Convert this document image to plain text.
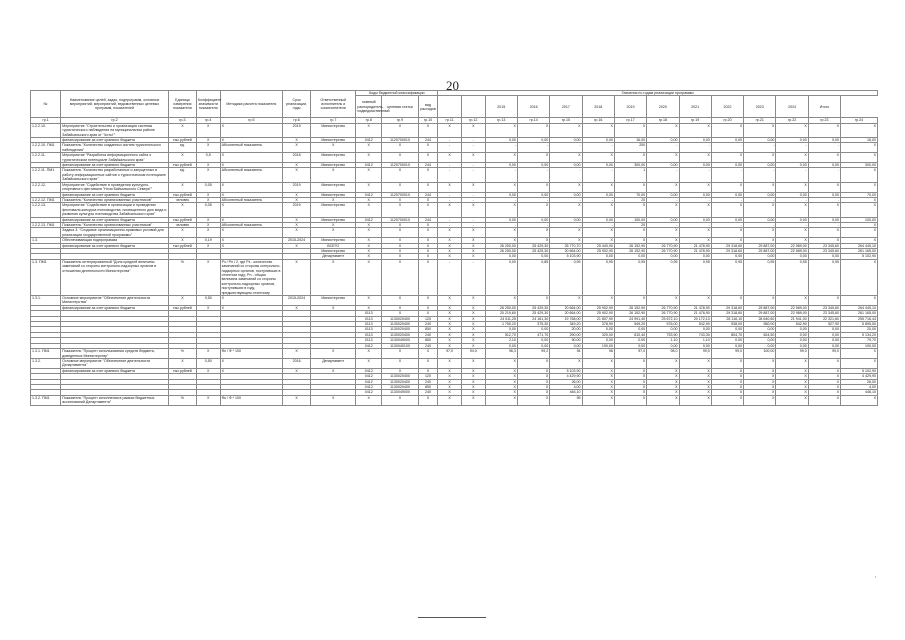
20
№	Наименование целей, задач, подпрограмм, основных мероприятий, мероприятий, ведомственных целевых программ, показателей	Единица измерения показателя	Коэффициент значимости показателя	Методика расчета показателя	Срок реализации, годы	Ответственный исполнитель и соисполнители	Коды бюджетной классификации			Значения по годам реализации программы													
							главный распорядитель, подведомственный	целевая статья	вид расходов			2015	2016	2017	2018	2019	2020	2021	2022	2023	2024	Итого	
гр.1	гр.2	гр.3	гр.4	гр.5	гр.6	гр.7	гр.8	гр.9	гр.10	гр.11	гр.12	гр.13	гр.14	гр.15	гр.16	гр.17	гр.18	гр.19	гр.20	гр.21	гр.22	гр.23	гр.24
1.2.2.10.	Мероприятие "Строительство и организация системы туристического наблюдения на муниципальном районе Забайкальского края от "Читы""	X	X	X	2019	Министерство	X	X	X	X	X	X	X	X	X	X	X	X	X	X	X	X	X
	финансирование за счет краевого бюджета	тыс.рублей	X	X	X	Министерство	0412	1120700010	244	-	-	0,00	0,00	0,00	0,00	16,00	0,00	0,00	0,00	0,00	0,00	0,00	16,00
1.2.2.10. ПМ1	Показатель "Количество созданных систем туристического наблюдения"	ед.	X	Абсолютный показатель	X	X	X	X	X	-	-	-	-	-	-	200	-	-	-	-	-	-	X
1.2.2.11.	Мероприятие "Разработка информационного сайта о туристическом потенциале Забайкальского края"	X	0,5	X	2018	Министерство	X	X	X	X	X	X	X	X	X	X	X	X	X	X	X	X	X
	финансирование за счет краевого бюджета	тыс.рублей	X	X	X	Министерство	0412	1120700010	244	-	-	0,00	0,00	0,00	0,00	300,00	0,00	0,00	0,00	0,00	0,00	0,00	300,00
1.2.2.11. ПМ1	Показатель "Количество разработанных и запущенных в работу информационных сайтов о туристическом потенциале Забайкальского края"	ед.	X	Абсолютный показатель	X	X	X	X	X	-	-	-	-	-	-	1	-	-	-	-	-	-	X
1.2.2.12.	Мероприятие "Содействие в проведении культурно-спортивного фестиваля "Ночи Байкальского Севера""	X	0,05	X	2019	Министерство	X	X	X	X	X	X	X	X	X	X	X	X	X	X	X	X	X
	финансирование за счет краевого бюджета	тыс.рублей	X	X	X	Министерство	0412	1120700010	244	-	-	0,00	0,00	0,00	0,00	70,00	0,00	0,00	0,00	0,00	0,00	0,00	70,00
1.2.2.12. ПМ1	Показатель "Количество организованных участников"	человек	X	Абсолютный показатель	X	X	X	X	X	-	-	-	-	-	-	20	-	-	-	-	-	-	X
1.2.2.13.	Мероприятие "Содействие в организации и проведении фестиваля-конкурса пчеловодства, посвященного дню меда и развитию культуры пчеловодства Забайкальского края"	X	0,05	X	2019	Министерство	X	X	X	X	X	X	X	X	X	X	X	X	X	X	X	X	X
	финансирование за счет краевого бюджета	тыс.рублей	X	X	X	Министерство	0412	1120700010	244	-	-	0,00	0,00	0,00	0,00	100,00	0,00	0,00	0,00	0,00	0,00	0,00	100,00
1.2.2.13. ПМ1	Показатель "Количество организованных участников"	человек	X	Абсолютный показатель	X	X	X	X	X	-	-	-	-	-	-	20	-	-	-	-	-	-	X
	Задача 3. "Создание организационно-правовых условий для реализации государственной программы"	X	X	X	X	X	X	X	X	X	X	X	X	X	X	X	X	X	X	X	X	X	X
1.3.	Обеспечивающая подпрограмма	X	0,19	X	2015-2024	Министерство	X	X	X	X	X	X	X	X	X	X	X	X	X	X	X	X	X
	финансирование за счет краевого бюджета	тыс.рублей	X	X	X	ВСЕГО	X	X	X	X	X	26 250,00	25 429,30	25 770,70	25 440,90	26 152,90	26 770,90	21 478,90	29 318,60	29 887,00	22 989,00	23 345,60	264 445,10
						Министерство	X	X	X	X	X	26 250,00	25 429,30	20 664,00	25 902,90	26 152,90	26 770,90	21 478,90	29 318,60	29 887,00	22 989,00	23 345,60	261 165,00
						Департамент	X	X	X	X	X	0,00	0,00	5 103,90	0,00	0,00	0,00	0,00	0,00	0,00	0,00	0,00	5 102,90
1.3. ПМ1	Показатель интегрированный "Доля средней величины замечаний со стороны контрольно-надзорных органов в отношении деятельности Министерства"	%	X	Рз / Рн / 2, где Рз - количество замечаний со стороны контрольно-надзорных органов, поступивших в отчетном году; Рн - общая величина замечаний со стороны контрольно-надзорных органов, поступивших в году, предшествующем отчетному	X	X	X	X	X	-	-	0,00	0,85	0,95	0,95	0,95	0,95	0,95	0,95	0,95	0,95	0,95	X
1.3.1.	Основное мероприятие "Обеспечение деятельности Министерства"	X	0,50	X	2015-2024	Министерство	X	X	X	X	X	X	X	X	X	X	X	X	X	X	X	X	X
	финансирование за счет краевого бюджета	тыс.рублей	X	X	X	X	X	X	X	X	X	26 250,00	25 429,30	20 664,00	25 902,90	26 152,90	26 770,90	21 478,90	29 318,60	29 887,00	22 989,00	23 345,60	264 445,10
							0113	X	X	X	X	20 219,60	25 429,30	20 664,00	25 902,90	26 152,90	26 770,90	21 478,90	29 318,60	29 887,00	22 989,00	23 345,60	261 165,00
							0113	1130020400	120	X	X	24 511,25	24 161,30	19 768,00	21 807,90	24 991,40	25 672,10	20 172,10	28 116,10	28 640,60	21 941,00	22 321,60	255 716,44
							0113	1130020400	240	X	X	1 750,20	375,30	349,20	378,90	549,20	576,00	542,90	538,00	550,00	542,90	527,90	5 895,50
							0113	1130020400	850	X	X	0,00	0,00	20,00	0,00	0,00	0,00	0,00	0,00	0,00	0,00	0,00	20,00
							0113	1130020400	240	X	X	512,70	471,70	290,00	320,00	610,40	753,90	743,30	804,70	624,50	0,00	0,00	5 134,20
							0113	1130049000	850	X	X	2,10	0,00	50,00	0,00	0,00	1,10	1,10	0,00	0,00	0,00	0,00	79,70
							0412	1130040100	240	X	X	0,00	0,00	0,00	190,00	0,00	0,00	0,00	0,00	0,00	0,00	0,00	190,00
1.3.1. ПМ1	Показатель "Процент использования средств бюджета, доведенных Министерству"	%	X	Фк / Ф * 100	X	X	X	X	X	97,0	94,0	96,3	99,2	94	98	97,0	98,0	99,0	99,0	100,00	99,0	99,0	X
1.3.2.	Основное мероприятие "Обеспечение деятельности Департамента"	X	0,50	X	2016	Департамент	X	X	X	X	X	X	X	X	X	X	X	X	X	X	X	X	X
	финансирование за счет краевого бюджета	тыс.рублей	X	X	X	X	0412	X	X	X	X	X	X	5 103,90	X	X	X	X	X	X	X	X	5 102,90
							0412	1130020400	120	X	X	X	X	4 429,90	X	X	X	X	X	X	X	X	4 429,90
							0412	1130020400	240	X	X	X	X	26,00	X	X	X	X	X	X	X	X	26,00
							0412	1130020400	850	X	X	X	X	4,00	X	X	X	X	X	X	X	X	4,00
							0412	1130049000	240	X	X	X	X	446,10	X	X	X	X	X	X	X	X	446,10
1.3.2. ПМ1	Показатель "Процент исполнения в рамках бюджетных ассигнований Департамента"	%	X	Фк / Ф * 100	X	X	X	X	X	X	X	X	X	95	X	X	X	X	X	X	X	X	X
•
